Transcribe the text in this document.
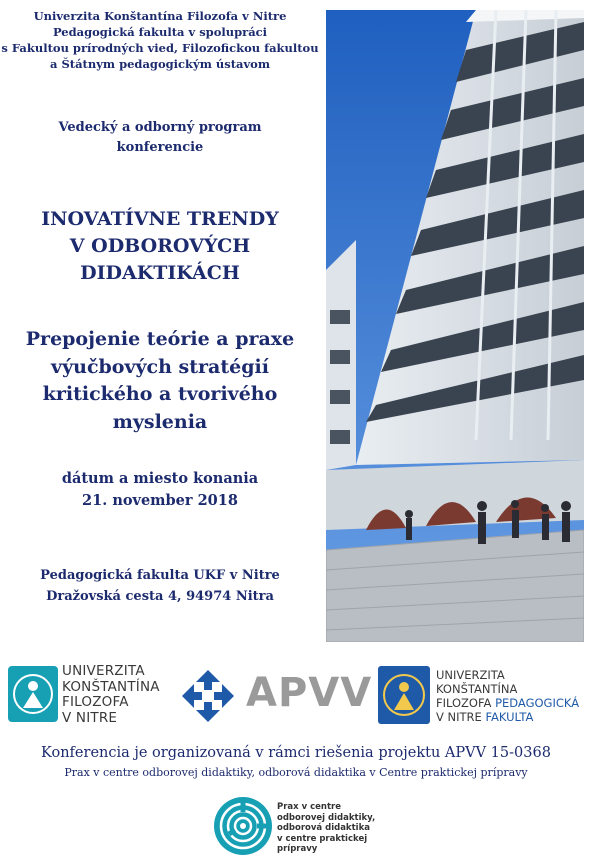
Univerzita Konštantína Filozofa v Nitre
Pedagogická fakulta v spolupráci
s Fakultou prírodných vied, Filozofickou fakultou
a Štátnym pedagogickým ústavom
Vedecký a odborný program
konferencie
INOVATÍVNE TRENDY
V ODBOROVÝCH
DIDAKTIKÁCH
Prepojenie teórie a praxe
výučbových stratégií
kritického a tvorivého
myslenia
dátum a miesto konania
21. november 2018
Pedagogická fakulta UKF v Nitre
Dražovská cesta 4, 94974 Nitra
UNIVERZITA
KONŠTANTÍNA
FILOZOFA
V NITRE
APVV	UNIVERZITA
KONŠTANTÍNA
FILOZOFA PEDAGOGICKÁ
V NITRE FAKULTA
Konferencia je organizovaná v rámci riešenia projektu APVV 15-0368
Prax v centre odborovej didaktiky, odborová didaktika v Centre praktickej prípravy
Prax v centre
odborovej didaktiky,
odborová didaktika
v centre praktickej
prípravy
